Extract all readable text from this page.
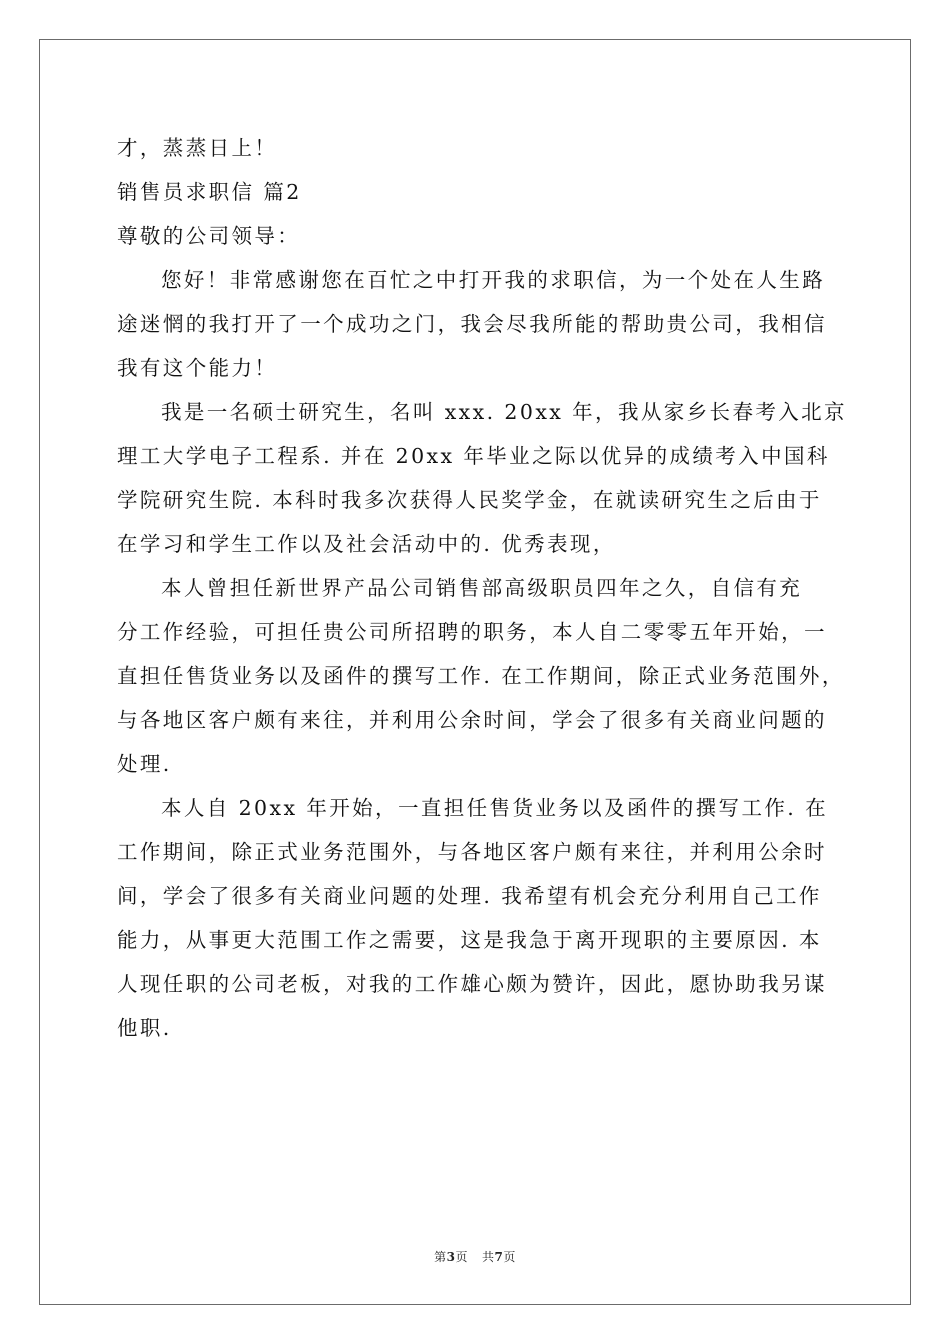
才，蒸蒸日上！
销售员求职信 篇2
尊敬的公司领导：
您好！非常感谢您在百忙之中打开我的求职信，为一个处在人生路
途迷惘的我打开了一个成功之门，我会尽我所能的帮助贵公司，我相信
我有这个能力！
我是一名硕士研究生，名叫 xxx. 20xx 年，我从家乡长春考入北京
理工大学电子工程系. 并在 20xx 年毕业之际以优异的成绩考入中国科
学院研究生院. 本科时我多次获得人民奖学金，在就读研究生之后由于
在学习和学生工作以及社会活动中的. 优秀表现，
本人曾担任新世界产品公司销售部高级职员四年之久，自信有充
分工作经验，可担任贵公司所招聘的职务，本人自二零零五年开始，一
直担任售货业务以及函件的撰写工作. 在工作期间，除正式业务范围外，
与各地区客户颇有来往，并利用公余时间，学会了很多有关商业问题的
处理.
本人自 20xx 年开始，一直担任售货业务以及函件的撰写工作. 在
工作期间，除正式业务范围外，与各地区客户颇有来往，并利用公余时
间，学会了很多有关商业问题的处理. 我希望有机会充分利用自己工作
能力，从事更大范围工作之需要，这是我急于离开现职的主要原因. 本
人现任职的公司老板，对我的工作雄心颇为赞许，因此，愿协助我另谋
他职.
第3页 共7页
